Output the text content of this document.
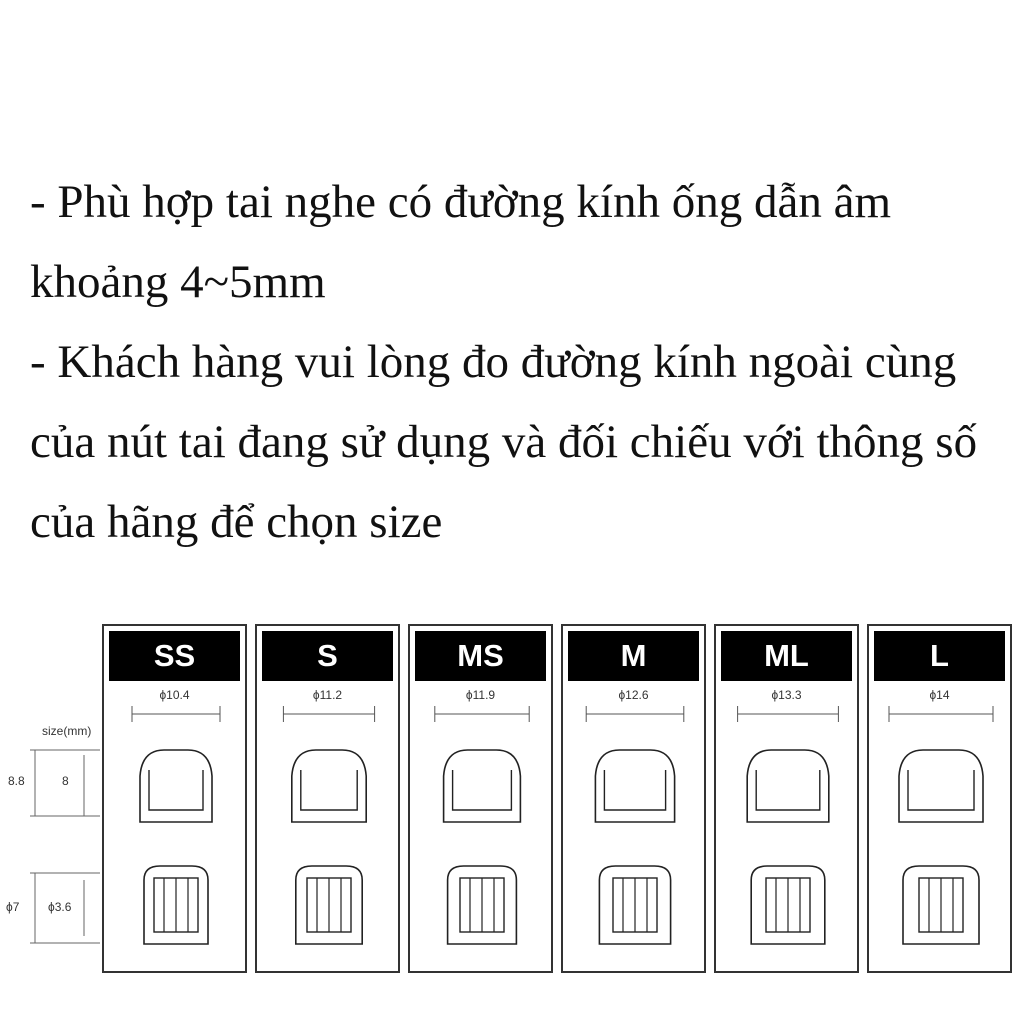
- Phù hợp tai nghe có đường kính ống dẫn âm khoảng 4~5mm

- Khách hàng vui lòng đo đường kính ngoài cùng của nút tai đang sử dụng và đối chiếu với thông số của hãng để chọn size

size(mm)
8.8	8
ϕ7 ϕ3.6
SS
ϕ10.4
S
ϕ11.2
MS
ϕ11.9
M
ϕ12.6
ML
ϕ13.3
L
ϕ14
